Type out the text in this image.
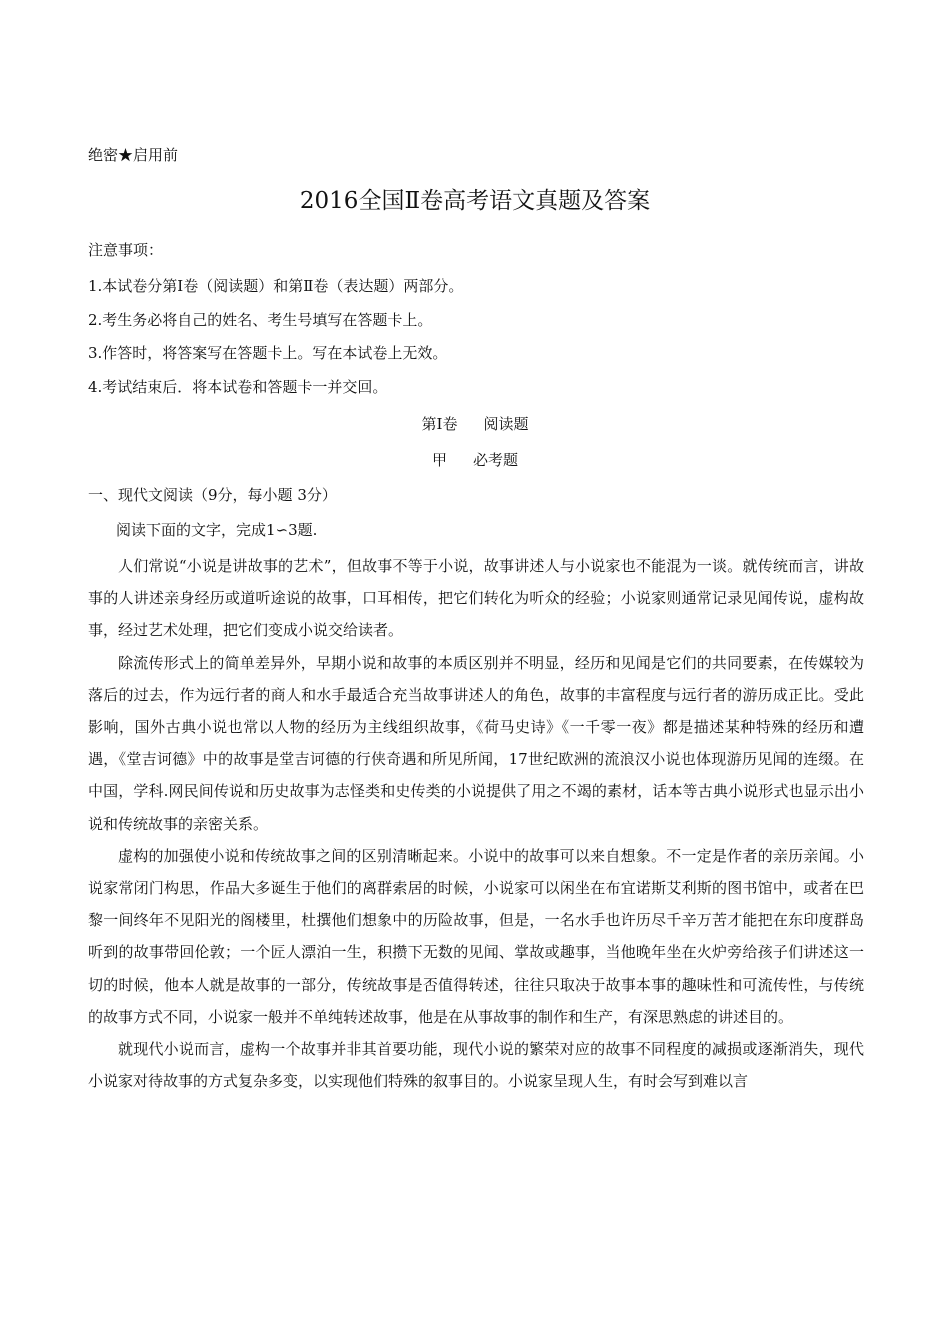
绝密★启用前
2016全国Ⅱ卷高考语文真题及答案
注意事项：
1.本试卷分第Ⅰ卷（阅读题）和第Ⅱ卷（表达题）两部分。
2.考生务必将自己的姓名、考生号填写在答题卡上。
3.作答时，将答案写在答题卡上。写在本试卷上无效。
4.考试结束后．将本试卷和答题卡一并交回。
第Ⅰ卷 阅读题
甲 必考题
一、现代文阅读（9分，每小题 3分）
阅读下面的文字，完成1∽3题.

人们常说“小说是讲故事的艺术”，但故事不等于小说，故事讲述人与小说家也不能混为一谈。就传统而言，讲故事的人讲述亲身经历或道听途说的故事，口耳相传，把它们转化为听众的经验；小说家则通常记录见闻传说，虚构故事，经过艺术处理，把它们变成小说交给读者。

除流传形式上的简单差异外，早期小说和故事的本质区别并不明显，经历和见闻是它们的共同要素，在传媒较为落后的过去，作为远行者的商人和水手最适合充当故事讲述人的角色，故事的丰富程度与远行者的游历成正比。受此影响，国外古典小说也常以人物的经历为主线组织故事，《荷马史诗》《一千零一夜》都是描述某种特殊的经历和遭遇，《堂吉诃德》中的故事是堂吉诃德的行侠奇遇和所见所闻，17世纪欧洲的流浪汉小说也体现游历见闻的连缀。在中国，学科.网民间传说和历史故事为志怪类和史传类的小说提供了用之不竭的素材，话本等古典小说形式也显示出小说和传统故事的亲密关系。

虚构的加强使小说和传统故事之间的区别清晰起来。小说中的故事可以来自想象。不一定是作者的亲历亲闻。小说家常闭门构思，作品大多诞生于他们的离群索居的时候，小说家可以闲坐在布宜诺斯艾利斯的图书馆中，或者在巴黎一间终年不见阳光的阁楼里，杜撰他们想象中的历险故事，但是，一名水手也许历尽千辛万苦才能把在东印度群岛听到的故事带回伦敦；一个匠人漂泊一生，积攒下无数的见闻、掌故或趣事，当他晚年坐在火炉旁给孩子们讲述这一切的时候，他本人就是故事的一部分，传统故事是否值得转述，往往只取决于故事本事的趣味性和可流传性，与传统的故事方式不同，小说家一般并不单纯转述故事，他是在从事故事的制作和生产，有深思熟虑的讲述目的。

就现代小说而言，虚构一个故事并非其首要功能，现代小说的繁荣对应的故事不同程度的减损或逐渐消失，现代小说家对待故事的方式复杂多变，以实现他们特殊的叙事目的。小说家呈现人生，有时会写到难以言
